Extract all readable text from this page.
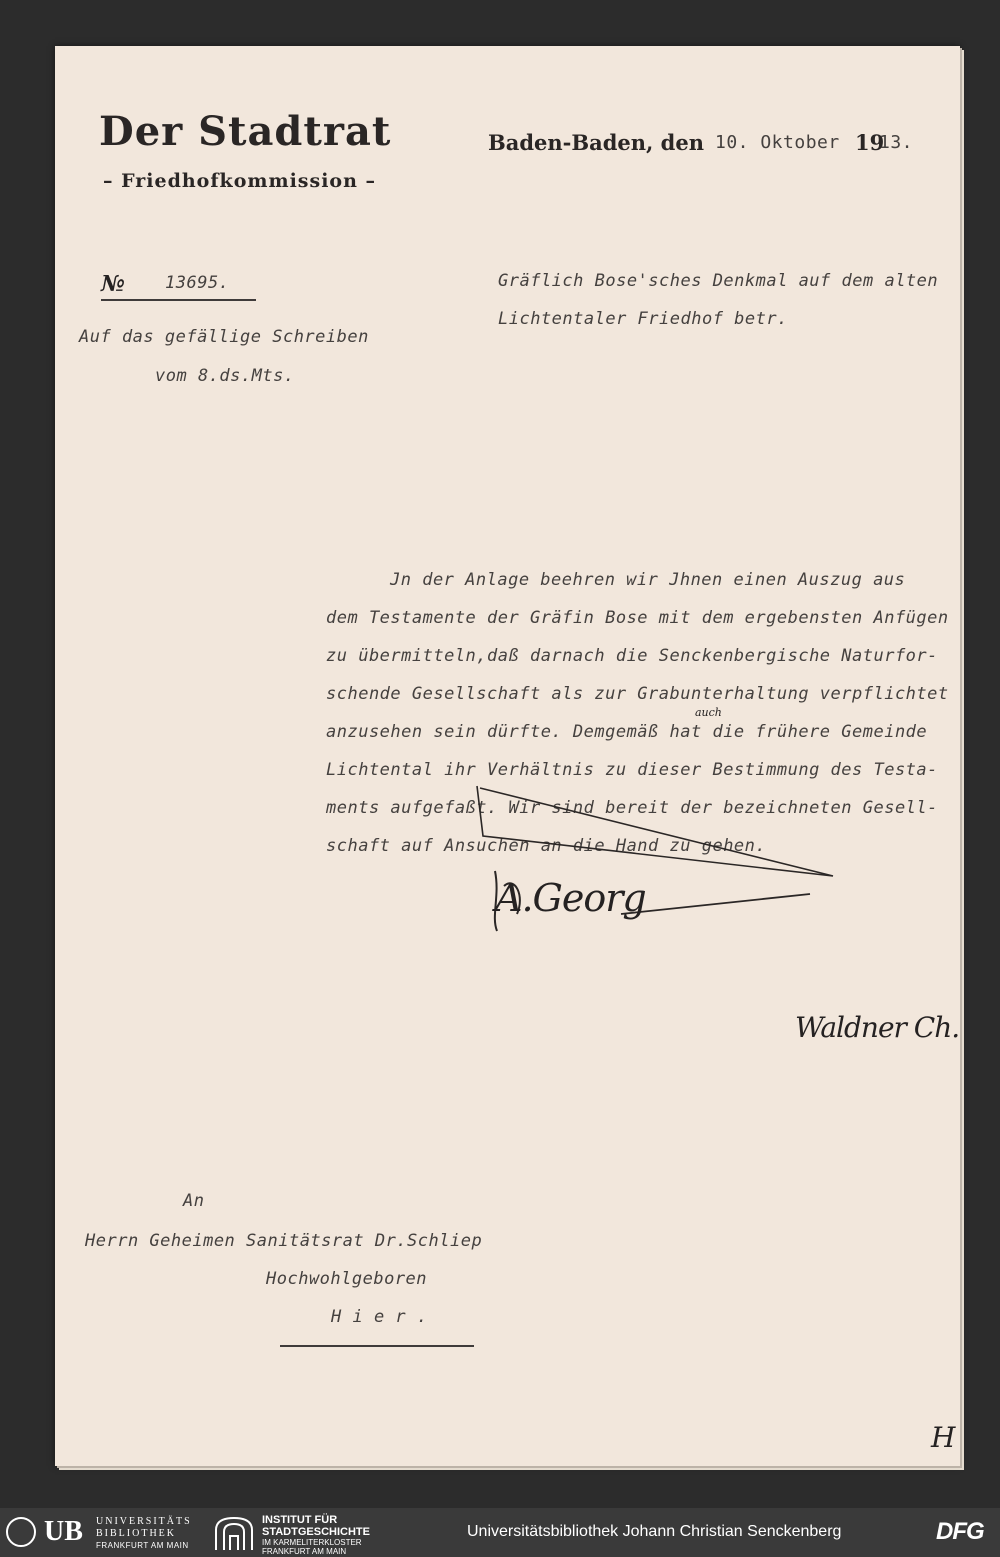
Der Stadtrat
– Friedhofkommission –
Baden-Baden, den 10. Oktober 19
13.
№ 13695.
Auf das gefällige Schreiben
vom 8.ds.Mts.
Gräflich Bose'sches Denkmal auf dem alten
Lichtentaler Friedhof betr.
Jn der Anlage beehren wir Jhnen einen Auszug aus
dem Testamente der Gräfin Bose mit dem ergebensten Anfügen
zu übermitteln,daß darnach die Senckenbergische Naturfor-
schende Gesellschaft als zur Grabunterhaltung verpflichtet
anzusehen sein dürfte. Demgemäß hat die frühere Gemeinde
Lichtental ihr Verhältnis zu dieser Bestimmung des Testa-
ments aufgefaßt. Wir sind bereit der bezeichneten Gesell-
schaft auf Ansuchen an die Hand zu gehen.
auch
A.Georg
Waldner Ch.
An
Herrn Geheimen Sanitätsrat Dr.Schliep
Hochwohlgeboren
H i e r .
H
UB UNIVERSITÄTS
BIBLIOTHEK
FRANKFURT AM MAIN
INSTITUT FÜR
STADTGESCHICHTE
IM KARMELITERKLOSTER
FRANKFURT AM MAIN
Universitätsbibliothek Johann Christian Senckenberg	DFG
